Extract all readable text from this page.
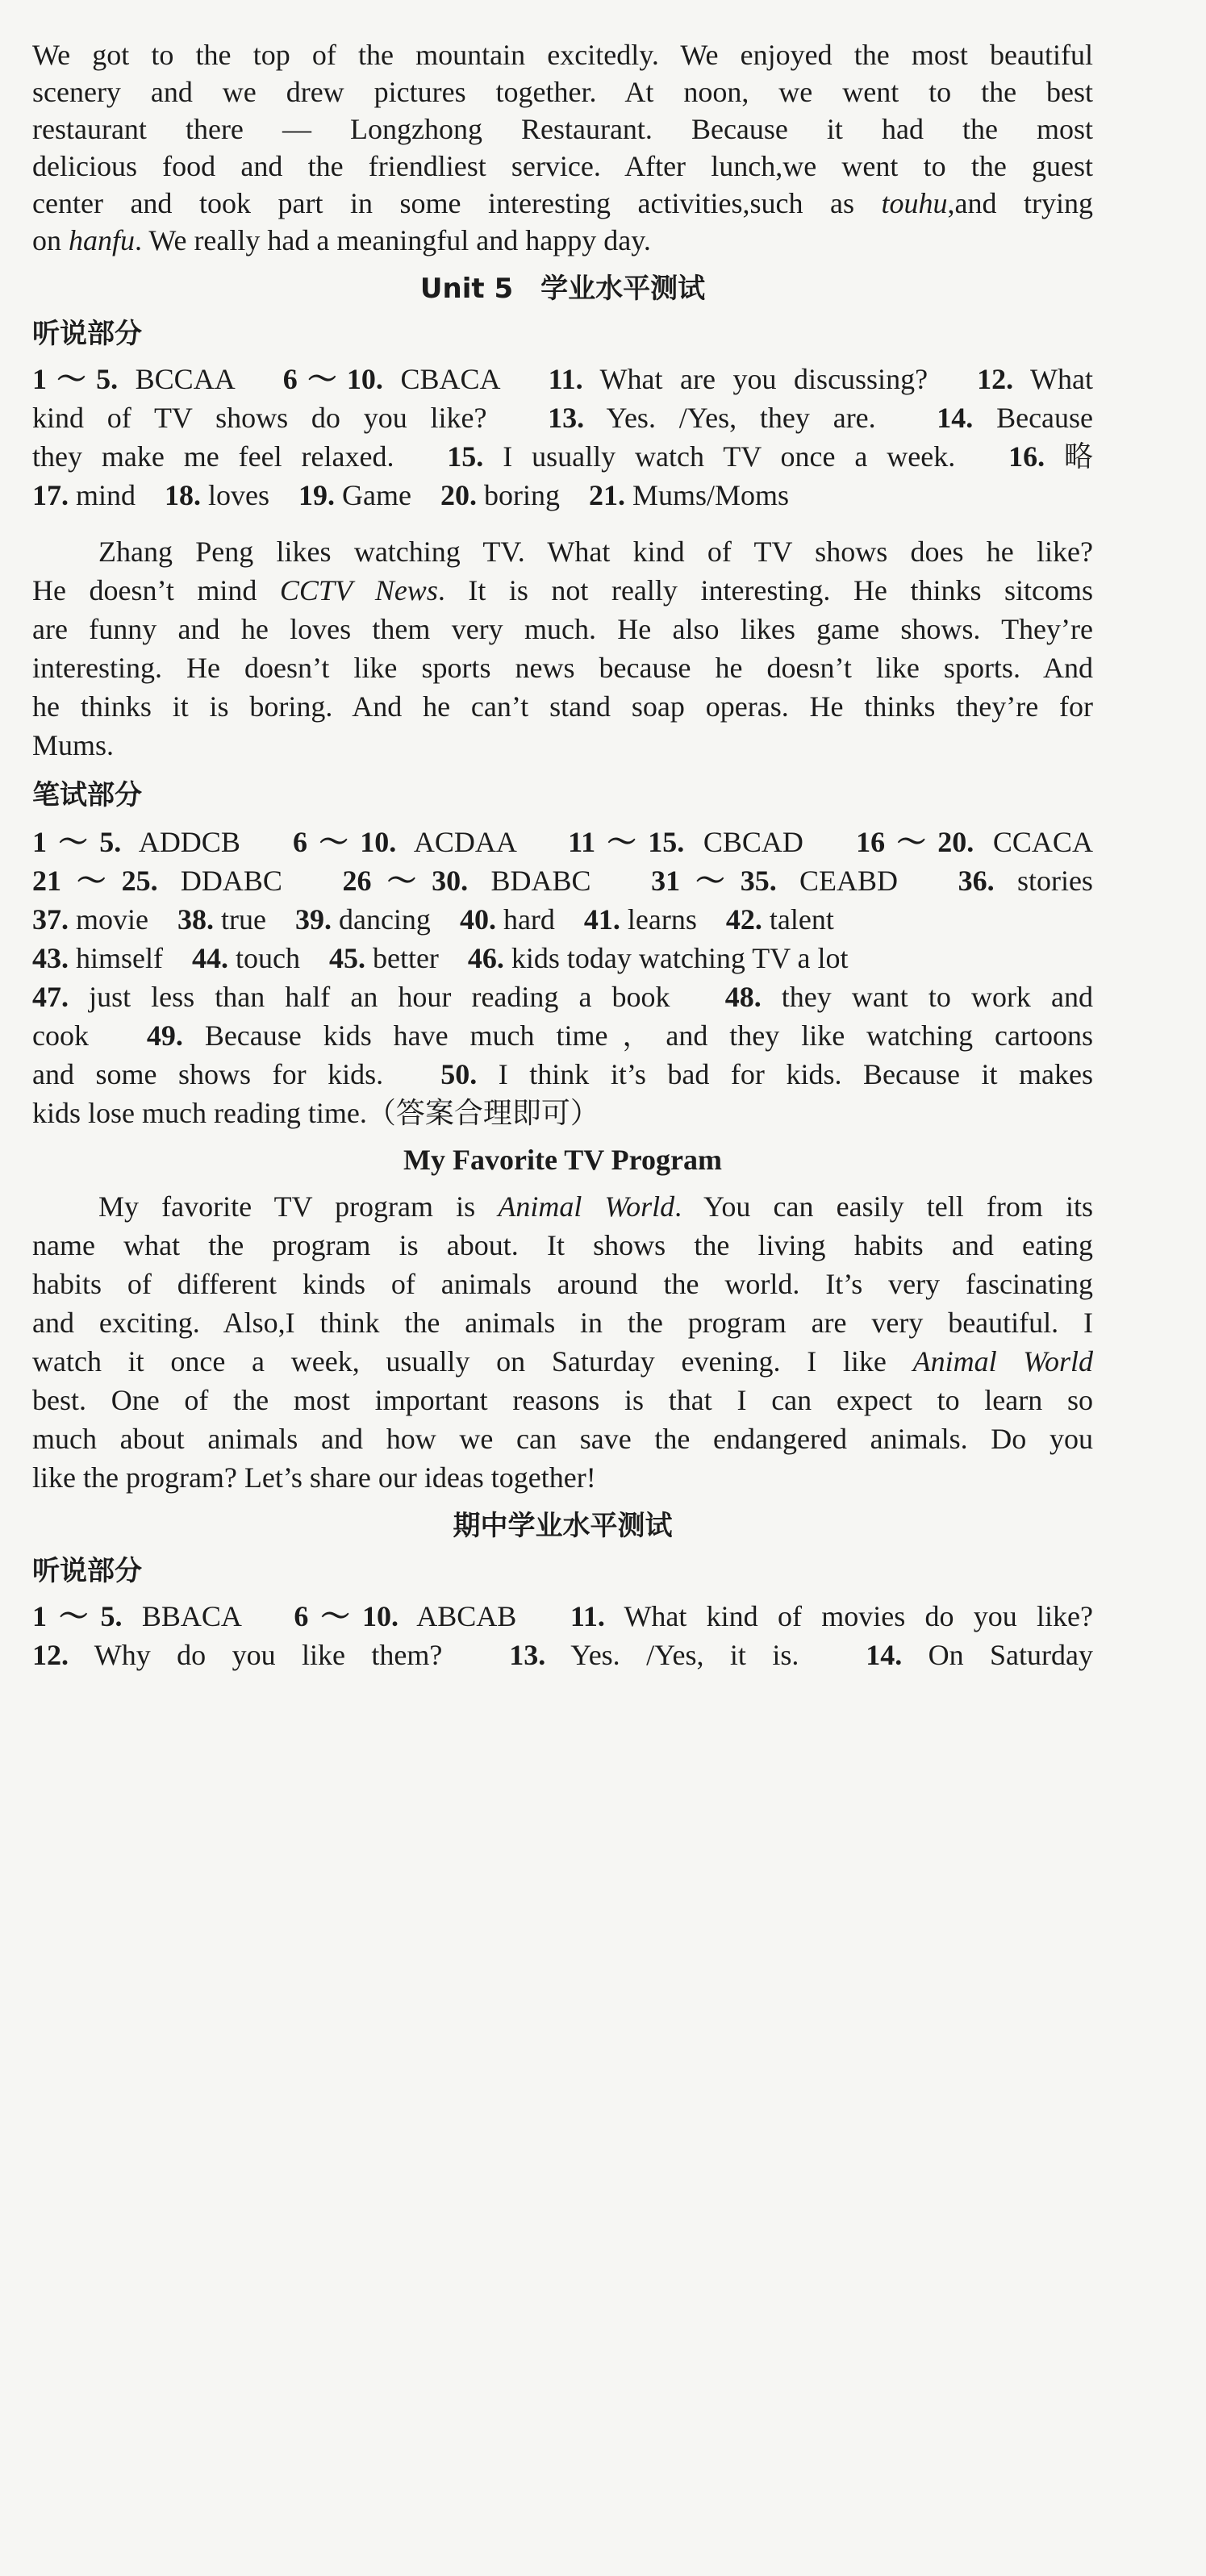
We got to the top of the mountain excitedly. We enjoyed the most beautiful
scenery and we drew pictures together. At noon, we went to the best
restaurant there — Longzhong Restaurant. Because it had the most
delicious food and the friendliest service. After lunch,we went to the guest
center and took part in some interesting activities,such as touhu,and trying
on hanfu. We really had a meaningful and happy day.
Unit 5　学业水平测试
听说部分
1～5. BCCAA　6～10. CBACA　11. What are you discussing?　12. What
kind of TV shows do you like?　13. Yes. /Yes, they are.　14. Because
they make me feel relaxed.　15. I usually watch TV once a week.　16. 略
17. mind　18. loves　19. Game　20. boring　21. Mums/Moms
Zhang Peng likes watching TV. What kind of TV shows does he like?
He doesn’t mind CCTV News. It is not really interesting. He thinks sitcoms
are funny and he loves them very much. He also likes game shows. They’re
interesting. He doesn’t like sports news because he doesn’t like sports. And
he thinks it is boring. And he can’t stand soap operas. He thinks they’re for
Mums.
笔试部分
1～5. ADDCB　6～10. ACDAA　11～15. CBCAD　16～20. CCACA
21～25. DDABC　26～30. BDABC　31～35. CEABD　36. stories
37. movie　38. true　39. dancing　40. hard　41. learns　42. talent
43. himself　44. touch　45. better　46. kids today watching TV a lot
47. just less than half an hour reading a book　48. they want to work and
cook　49. Because kids have much time，and they like watching cartoons
and some shows for kids.　50. I think it’s bad for kids. Because it makes
kids lose much reading time.（答案合理即可）
My Favorite TV Program
My favorite TV program is Animal World. You can easily tell from its
name what the program is about. It shows the living habits and eating
habits of different kinds of animals around the world. It’s very fascinating
and exciting. Also,I think the animals in the program are very beautiful. I
watch it once a week, usually on Saturday evening. I like Animal World
best. One of the most important reasons is that I can expect to learn so
much about animals and how we can save the endangered animals. Do you
like the program? Let’s share our ideas together!
期中学业水平测试
听说部分
1～5. BBACA　6～10. ABCAB　11. What kind of movies do you like?
12. Why do you like them?　13. Yes. /Yes, it is.　14. On Saturday
